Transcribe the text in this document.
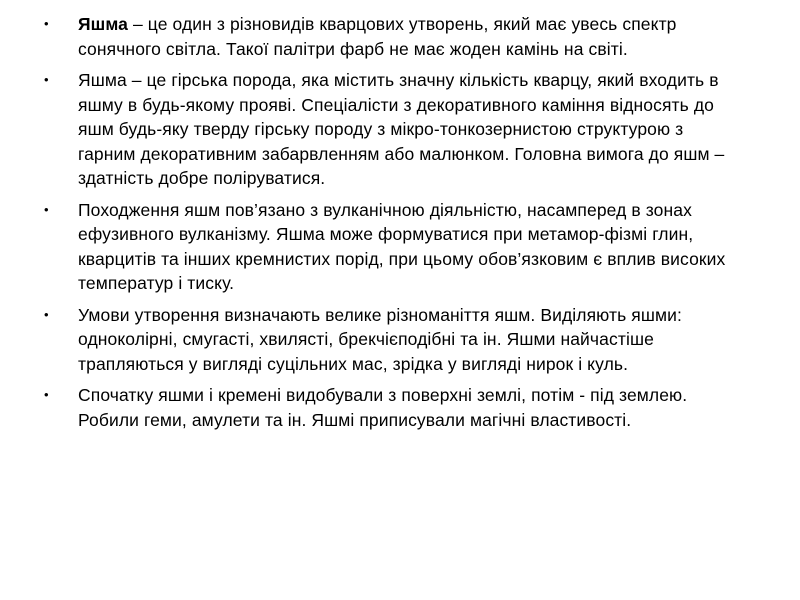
•	Яшма – це один з різновидів кварцових утворень, який має увесь спектр сонячного світла. Такої палітри фарб не має жоден камінь на світі.
•	Яшма – це гірська порода, яка містить значну кількість кварцу, який входить в яшму в будь-якому прояві. Спеціалісти з декоративного каміння відносять до яшм будь-яку тверду гірську породу з мікро-тонкозернистою структурою з гарним декоративним забарвленням або малюнком. Головна вимога до яшм – здатність добре поліруватися.
•	Походження яшм пов’язано з вулканічною діяльністю, насамперед в зонах ефузивного вулканізму. Яшма може формуватися при метамор-фізмі глин, кварцитів та інших кремнистих порід, при цьому обов’язковим є вплив високих температур і тиску.
•	Умови утворення визначають велике різноманіття яшм. Виділяють яшми: одноколірні, смугасті, хвилясті, брекчієподібні та ін. Яшми найчастіше трапляються у вигляді суцільних мас, зрідка у вигляді нирок і куль.
•	Спочатку яшми і кремені видобували з поверхні землі, потім - під землею. Робили геми, амулети та ін. Яшмі приписували магічні властивості.
